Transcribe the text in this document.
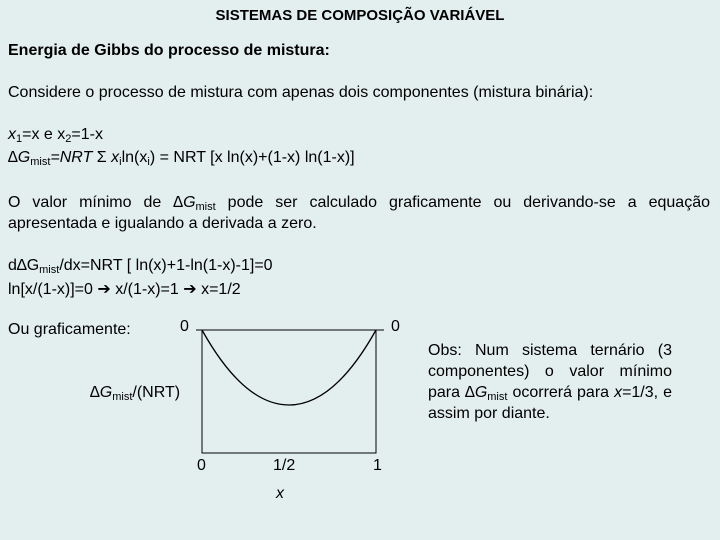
SISTEMAS DE COMPOSIÇÃO VARIÁVEL
Energia de Gibbs do processo de mistura:
Considere o processo de mistura com apenas dois componentes (mistura binária):
$x_1=x$ e $x_2=1-x$
$\Delta G_{mist}=NRT$ Σ $x_i\ln(x_i)$ = NRT [x ln(x)+(1-x) ln(1-x)]
O valor mínimo de $\Delta G_{mist}$ pode ser calculado graficamente ou derivando-se a equação apresentada e igualando a derivada a zero.
$d\Delta G_{mist}/dx=NRT$ [ ln(x)+1-ln(1-x)-1]=0
ln[x/(1-x)]=0 ➔ x/(1-x)=1 ➔ x=1/2
Ou graficamente:	0	0
$\Delta G_{mist}/(NRT)$
0	1/2	1
x
Obs: Num sistema ternário (3 componentes) o valor mínimo para $\Delta G_{mist}$ ocorrerá para x=1/3, e assim por diante.
